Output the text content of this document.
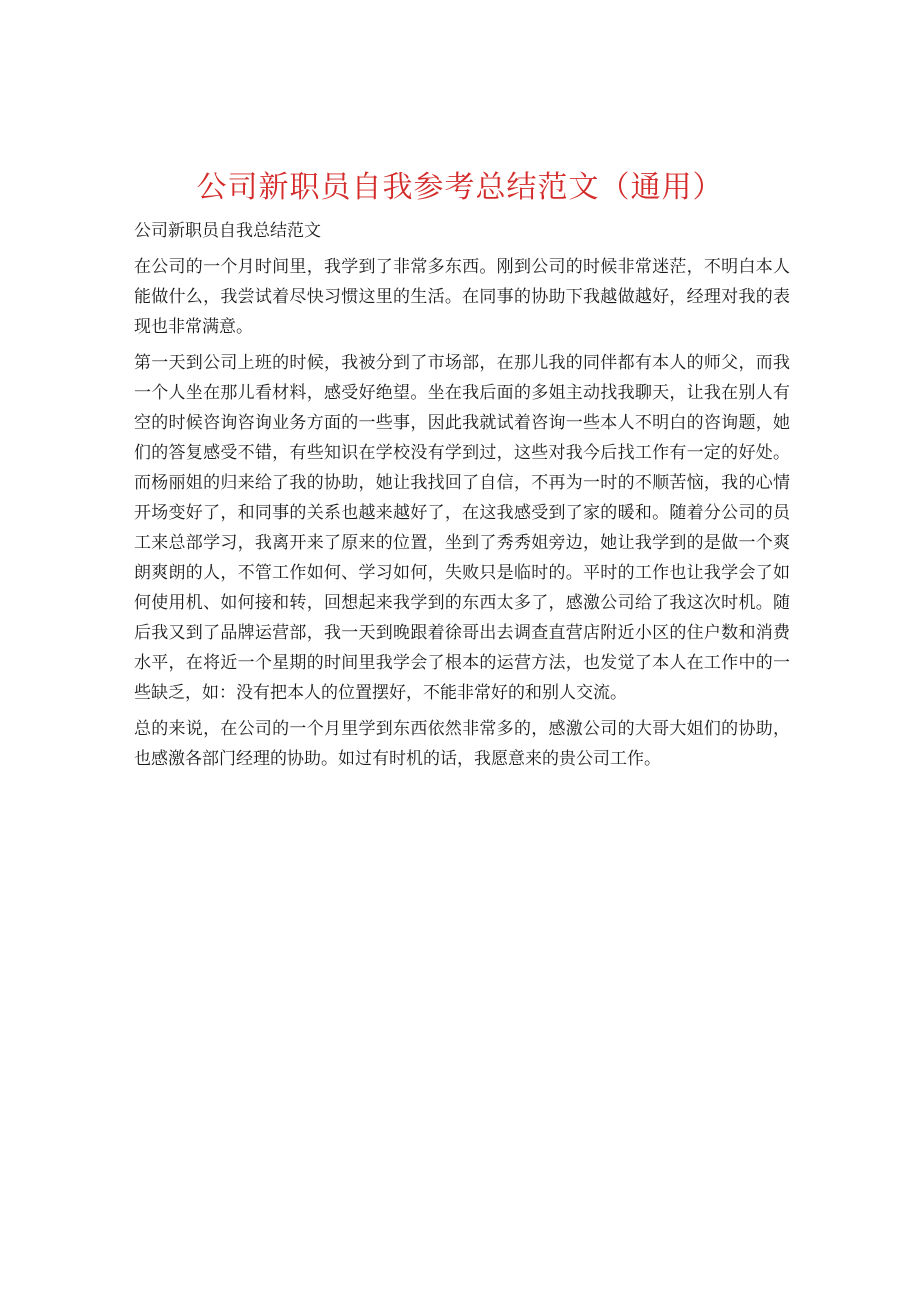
公司新职员自我参考总结范文（通用）

公司新职员自我总结范文

在公司的一个月时间里，我学到了非常多东西。刚到公司的时候非常迷茫，不明白本人能做什么，我尝试着尽快习惯这里的生活。在同事的协助下我越做越好，经理对我的表现也非常满意。

第一天到公司上班的时候，我被分到了市场部，在那儿我的同伴都有本人的师父，而我一个人坐在那儿看材料，感受好绝望。坐在我后面的多姐主动找我聊天，让我在别人有空的时候咨询咨询业务方面的一些事，因此我就试着咨询一些本人不明白的咨询题，她们的答复感受不错，有些知识在学校没有学到过，这些对我今后找工作有一定的好处。而杨丽姐的归来给了我的协助，她让我找回了自信，不再为一时的不顺苦恼，我的心情开场变好了，和同事的关系也越来越好了，在这我感受到了家的暖和。随着分公司的员工来总部学习，我离开来了原来的位置，坐到了秀秀姐旁边，她让我学到的是做一个爽朗爽朗的人，不管工作如何、学习如何，失败只是临时的。平时的工作也让我学会了如何使用机、如何接和转，回想起来我学到的东西太多了，感激公司给了我这次时机。随后我又到了品牌运营部，我一天到晚跟着徐哥出去调查直营店附近小区的住户数和消费水平，在将近一个星期的时间里我学会了根本的运营方法，也发觉了本人在工作中的一些缺乏，如：没有把本人的位置摆好，不能非常好的和别人交流。

总的来说，在公司的一个月里学到东西依然非常多的，感激公司的大哥大姐们的协助，也感激各部门经理的协助。如过有时机的话，我愿意来的贵公司工作。
